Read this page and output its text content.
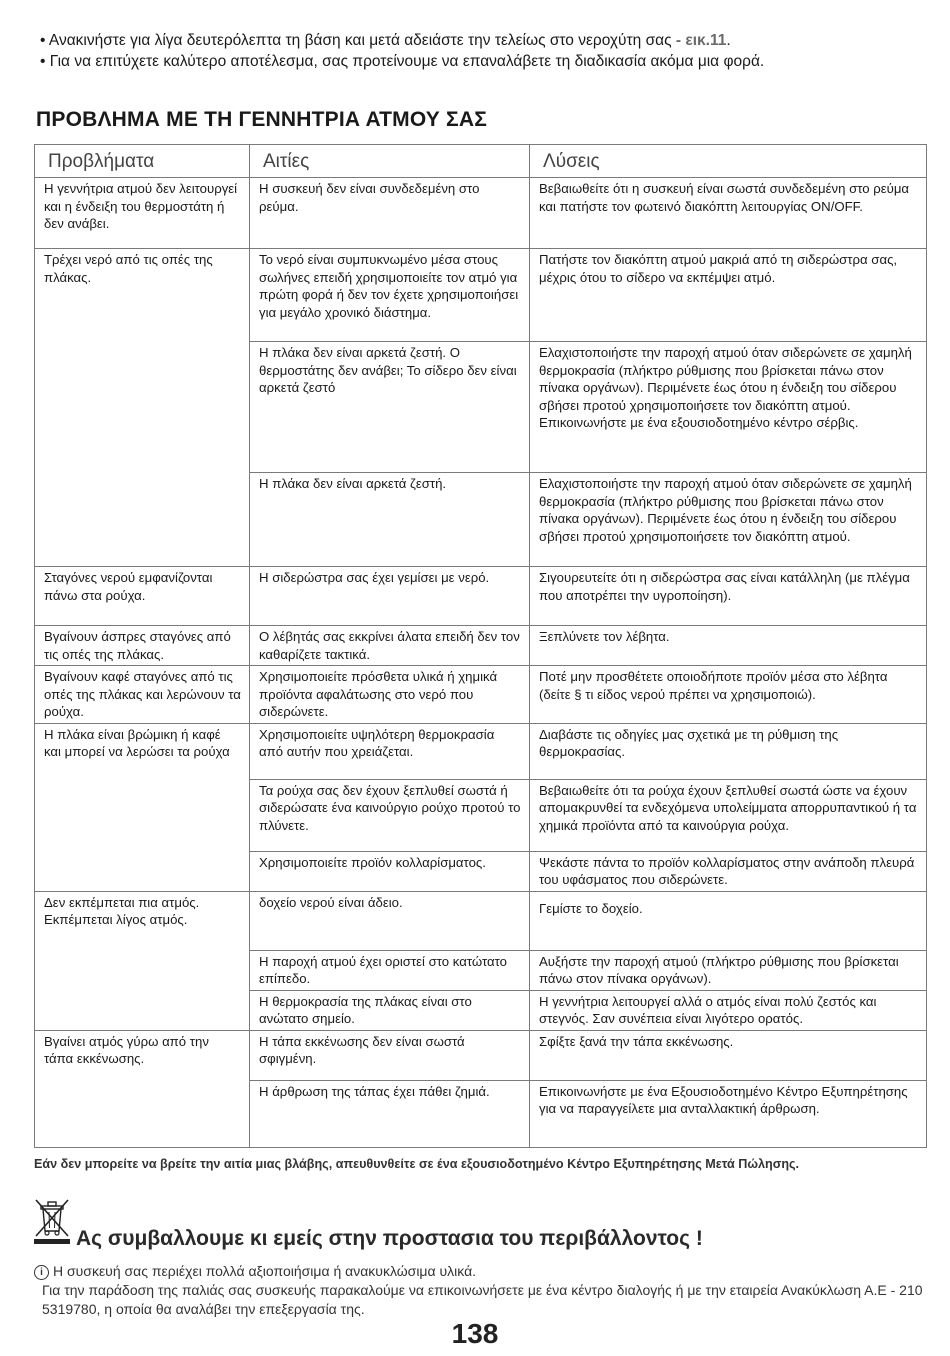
• Ανακινήστε για λίγα δευτερόλεπτα τη βάση και μετά αδειάστε την τελείως στο νεροχύτη σας - εικ.11.

• Για να επιτύχετε καλύτερο αποτέλεσμα, σας προτείνουμε να επαναλάβετε τη διαδικασία ακόμα μια φορά.

ΠΡΟΒΛΗΜΑ ΜΕ ΤΗ ΓΕΝΝΗΤΡΙΑ ΑΤΜΟΥ ΣΑΣ
Προβλήματα	Αιτίες	Λύσεις
Η γεννήτρια ατμού δεν λειτουργεί και η ένδειξη του θερμοστάτη ή δεν ανάβει.	Η συσκευή δεν είναι συνδεδεμένη στο ρεύμα.	Βεβαιωθείτε ότι η συσκευή είναι σωστά συνδεδεμένη στο ρεύμα και πατήστε τον φωτεινό διακόπτη λειτουργίας ON/OFF.
Τρέχει νερό από τις οπές της πλάκας.	Το νερό είναι συμπυκνωμένο μέσα στους σωλήνες επειδή χρησιμοποιείτε τον ατμό για πρώτη φορά ή δεν τον έχετε χρησιμοποιήσει για μεγάλο χρονικό διάστημα.	Πατήστε τον διακόπτη ατμού μακριά από τη σιδερώστρα σας, μέχρις ότου το σίδερο να εκπέμψει ατμό.
	Η πλάκα δεν είναι αρκετά ζεστή. Ο θερμοστάτης δεν ανάβει; Το σίδερο δεν είναι αρκετά ζεστό	Ελαχιστοποιήστε την παροχή ατμού όταν σιδερώνετε σε χαμηλή θερμοκρασία (πλήκτρο ρύθμισης που βρίσκεται πάνω στον πίνακα οργάνων). Περιμένετε έως ότου η ένδειξη του σίδερου σβήσει προτού χρησιμοποιήσετε τον διακόπτη ατμού. Επικοινωνήστε με ένα εξουσιοδοτημένο κέντρο σέρβις.
	Η πλάκα δεν είναι αρκετά ζεστή.	Ελαχιστοποιήστε την παροχή ατμού όταν σιδερώνετε σε χαμηλή θερμοκρασία (πλήκτρο ρύθμισης που βρίσκεται πάνω στον πίνακα οργάνων). Περιμένετε έως ότου η ένδειξη του σίδερου σβήσει προτού χρησιμοποιήσετε τον διακόπτη ατμού.
Σταγόνες νερού εμφανίζονται πάνω στα ρούχα.	Η σιδερώστρα σας έχει γεμίσει με νερό.	Σιγουρευτείτε ότι η σιδερώστρα σας είναι κατάλληλη (με πλέγμα που αποτρέπει την υγροποίηση).
Βγαίνουν άσπρες σταγόνες από τις οπές της πλάκας.	Ο λέβητάς σας εκκρίνει άλατα επειδή δεν τον καθαρίζετε τακτικά.	Ξεπλύνετε τον λέβητα.
Βγαίνουν καφέ σταγόνες από τις οπές της πλάκας και λερώνουν τα ρούχα.	Χρησιμοποιείτε πρόσθετα υλικά ή χημικά προϊόντα αφαλάτωσης στο νερό που σιδερώνετε.	Ποτέ μην προσθέτετε οποιοδήποτε προϊόν μέσα στο λέβητα (δείτε § τι είδος νερού πρέπει να χρησιμοποιώ).
Η πλάκα είναι βρώμικη ή καφέ και μπορεί να λερώσει τα ρούχα	Χρησιμοποιείτε υψηλότερη θερμοκρασία από αυτήν που χρειάζεται.	Διαβάστε τις οδηγίες μας σχετικά με τη ρύθμιση της θερμοκρασίας.
	Τα ρούχα σας δεν έχουν ξεπλυθεί σωστά ή σιδερώσατε ένα καινούργιο ρούχο προτού το πλύνετε.	Βεβαιωθείτε ότι τα ρούχα έχουν ξεπλυθεί σωστά ώστε να έχουν απομακρυνθεί τα ενδεχόμενα υπολείμματα απορρυπαντικού ή τα χημικά προϊόντα από τα καινούργια ρούχα.
	Χρησιμοποιείτε προϊόν κολλαρίσματος.	Ψεκάστε πάντα το προϊόν κολλαρίσματος στην ανάποδη πλευρά του υφάσματος που σιδερώνετε.
Δεν εκπέμπεται πια ατμός. Εκπέμπεται λίγος ατμός.	δοχείο νερού είναι άδειο.	Γεμίστε το δοχείο.
	Η παροχή ατμού έχει οριστεί στο κατώτατο επίπεδο.	Αυξήστε την παροχή ατμού (πλήκτρο ρύθμισης που βρίσκεται πάνω στον πίνακα οργάνων).
	Η θερμοκρασία της πλάκας είναι στο ανώτατο σημείο.	Η γεννήτρια λειτουργεί αλλά ο ατμός είναι πολύ ζεστός και στεγνός. Σαν συνέπεια είναι λιγότερο ορατός.
Βγαίνει ατμός γύρω από την τάπα εκκένωσης.	Η τάπα εκκένωσης δεν είναι σωστά σφιγμένη.	Σφίξτε ξανά την τάπα εκκένωσης.
	Η άρθρωση της τάπας έχει πάθει ζημιά.	Επικοινωνήστε με ένα Εξουσιοδοτημένο Κέντρο Εξυπηρέτησης για να παραγγείλετε μια ανταλλακτική άρθρωση.

Εάν δεν μπορείτε να βρείτε την αιτία μιας βλάβης, απευθυνθείτε σε ένα εξουσιοδοτημένο Κέντρο Εξυπηρέτησης Μετά Πώλησης.

Ας συμβαλλουμε κι εμείς στην προστασια του περιβάλλοντος !

i Η συσκευή σας περιέχει πολλά αξιοποιήσιμα ή ανακυκλώσιμα υλικά.

Για την παράδοση της παλιάς σας συσκευής παρακαλούμε να επικοινωνήσετε με ένα κέντρο διαλογής ή με την εταιρεία Ανακύκλωση Α.Ε - 210 5319780, η οποία θα αναλάβει την επεξεργασία της.

138
